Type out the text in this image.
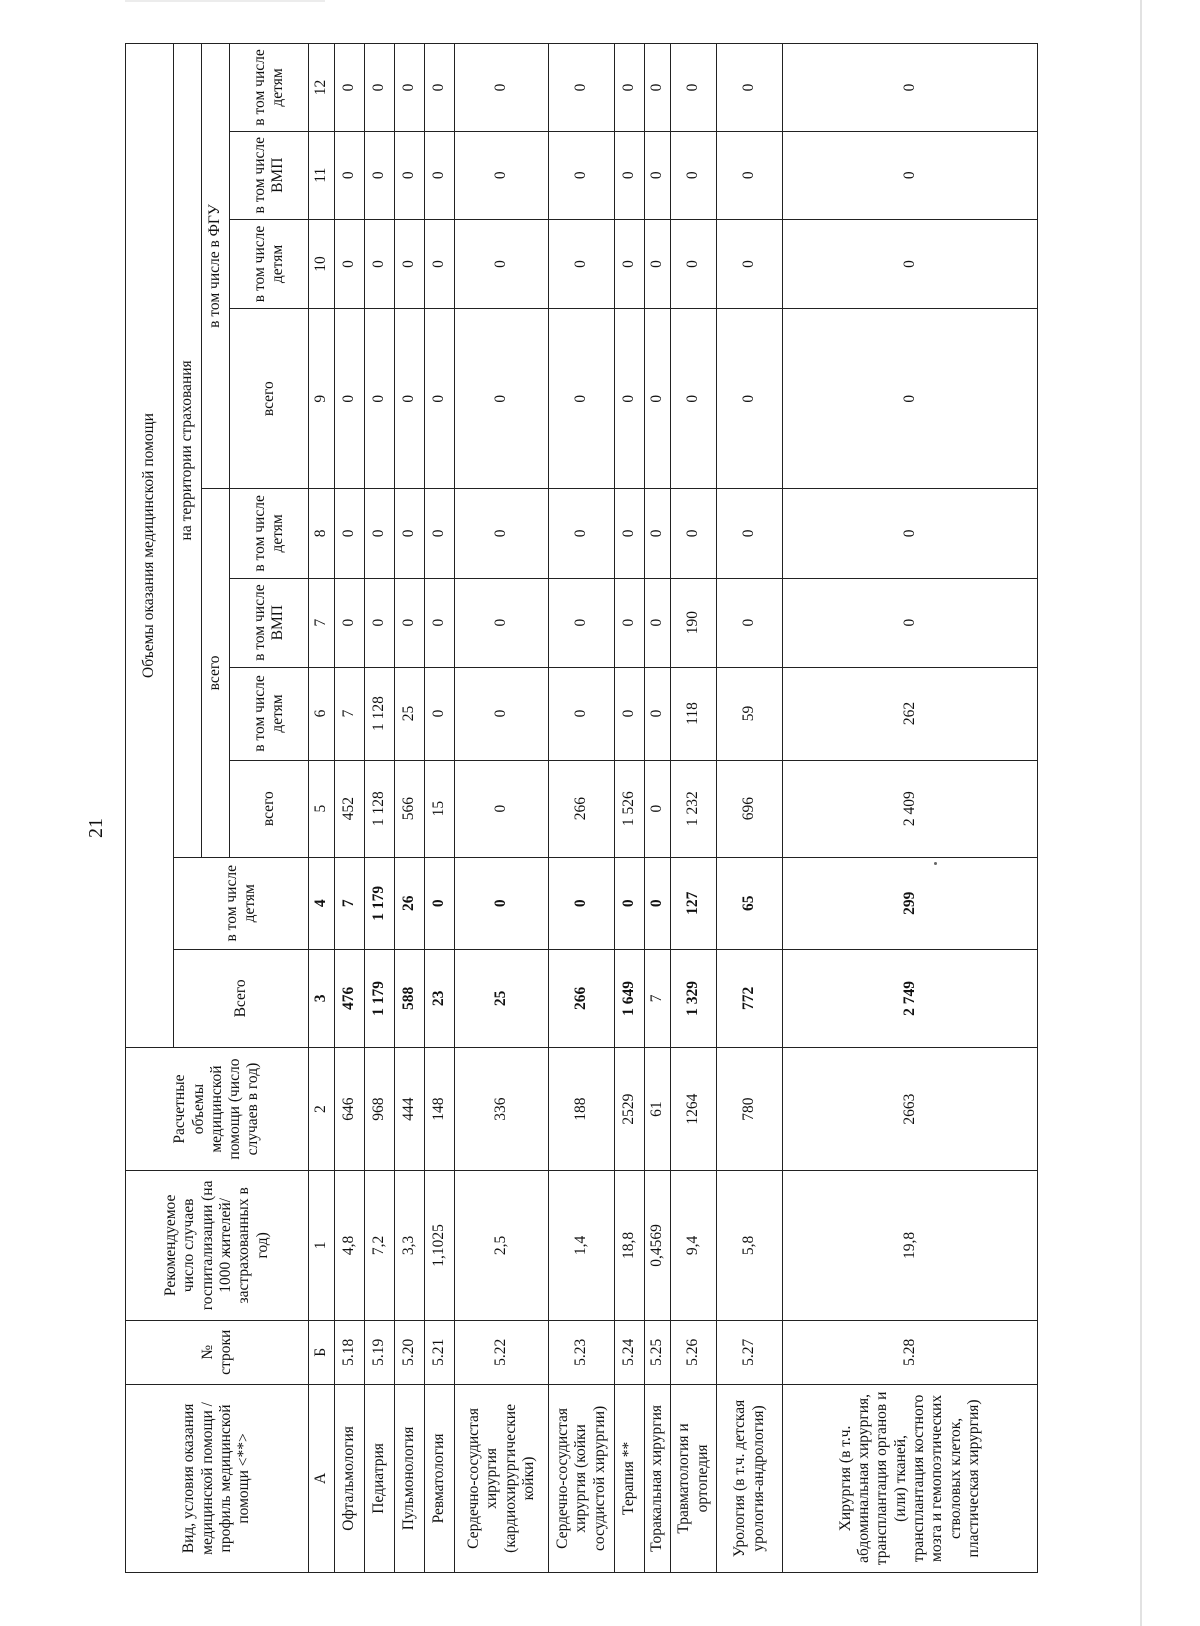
21
Вид, условия оказания медицинской помощи / профиль медицинской помощи <**>	№ строки	Рекомендуемое число случаев госпитализации (на 1000 жителей/ застрахованных в год)	Расчетные объемы медицинской помощи (число случаев в год)	Объемы оказания медицинской помощи									
				Всего	в том числе детям	на территории страхования							
						всего				в том числе в ФГУ			
						всего	в том числе детям	в том числе ВМП	в том числе детям	всего	в том числе детям	в том числе ВМП	в том числе детям

А	Б	1	2	3	4	5	6	7	8	9	10	11	12
Офтальмология	5.18	4,8	646	476	7	452	7	0	0	0	0	0	0
Педиатрия	5.19	7,2	968	1 179	1 179	1 128	1 128	0	0	0	0	0	0
Пульмонология	5.20	3,3	444	588	26	566	25	0	0	0	0	0	0
Ревматология	5.21	1,1025	148	23	0	15	0	0	0	0	0	0	0
Сердечно-сосудистая хирургия (кардиохирургические койки)	5.22	2,5	336	25	0	0	0	0	0	0	0	0	0
Сердечно-сосудистая хирургия (койки сосудистой хирургии)	5.23	1,4	188	266	0	266	0	0	0	0	0	0	0
Терапия **	5.24	18,8	2529	1 649	0	1 526	0	0	0	0	0	0	0
Торакальная хирургия	5.25	0,4569	61	7	0	0	0	0	0	0	0	0	0
Травматология и ортопедия	5.26	9,4	1264	1 329	127	1 232	118	190	0	0	0	0	0
Урология (в т.ч. детская урология-андрология)	5.27	5,8	780	772	65	696	59	0	0	0	0	0	0
Хирургия (в т.ч. абдоминальная хирургия, трансплантация органов и (или) тканей, трансплантация костного мозга и гемопоэтических стволовых клеток, пластическая хирургия)	5.28	19,8	2663	2 749	299	2 409	262	0	0	0	0	0	0
